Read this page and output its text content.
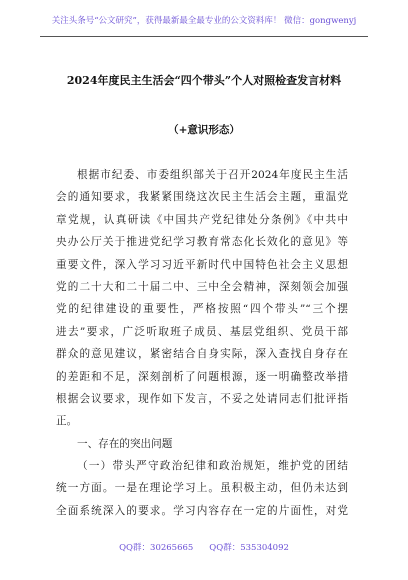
关注头条号“公文研究”，获得最新最全最专业的公文资料库！ 微信：gongwenyj
2024年度民主生活会“四个带头”个人对照检查发言材料
（+意识形态）
根据市纪委、市委组织部关于召开2024年度民主生活
会的通知要求，我紧紧围绕这次民主生活会主题，重温党
章党规，认真研读《中国共产党纪律处分条例》《中共中
央办公厅关于推进党纪学习教育常态化长效化的意见》等
重要文件，深入学习习近平新时代中国特色社会主义思想
党的二十大和二十届二中、三中全会精神，深刻领会加强
党的纪律建设的重要性，严格按照“四个带头”“三个摆
进去”要求，广泛听取班子成员、基层党组织、党员干部
群众的意见建议，紧密结合自身实际，深入查找自身存在
的差距和不足，深刻剖析了问题根源，逐一明确整改举措
根据会议要求，现作如下发言，不妥之处请同志们批评指
正。
一、存在的突出问题
（一）带头严守政治纪律和政治规矩，维护党的团结
统一方面。一是在理论学习上。虽积极主动，但仍未达到
全面系统深入的要求。学习内容存在一定的片面性，对党
QQ群：30265665 QQ群：535304092
